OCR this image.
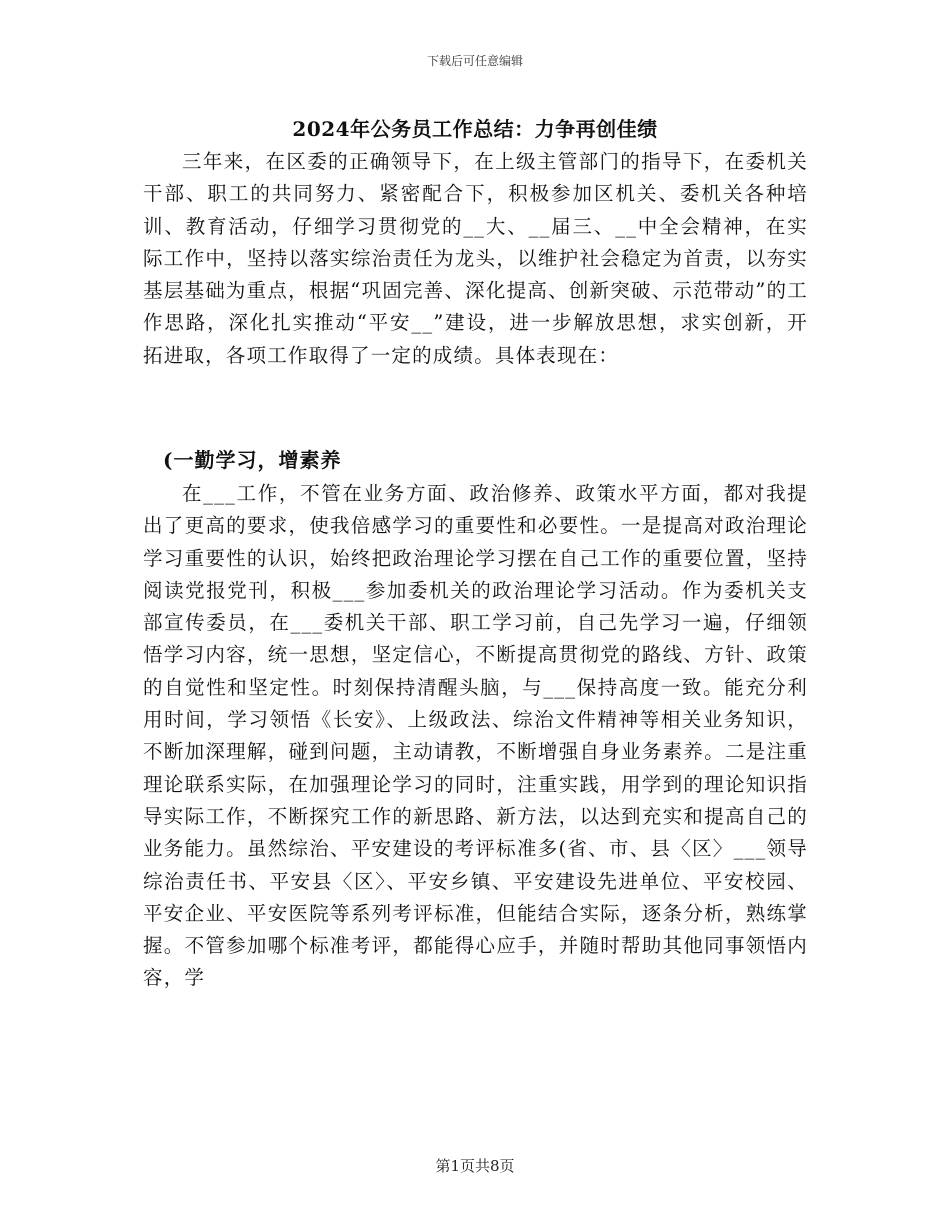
下载后可任意编辑
2024年公务员工作总结：力争再创佳绩

三年来，在区委的正确领导下，在上级主管部门的指导下，在委机关干部、职工的共同努力、紧密配合下，积极参加区机关、委机关各种培训、教育活动，仔细学习贯彻党的__大、__届三、__中全会精神，在实际工作中，坚持以落实综治责任为龙头，以维护社会稳定为首责，以夯实基层基础为重点，根据“巩固完善、深化提高、创新突破、示范带动”的工作思路，深化扎实推动“平安__”建设，进一步解放思想，求实创新，开拓进取，各项工作取得了一定的成绩。具体表现在：

(一勤学习，增素养

在___工作，不管在业务方面、政治修养、政策水平方面，都对我提出了更高的要求，使我倍感学习的重要性和必要性。一是提高对政治理论学习重要性的认识，始终把政治理论学习摆在自己工作的重要位置，坚持阅读党报党刊，积极___参加委机关的政治理论学习活动。作为委机关支部宣传委员，在___委机关干部、职工学习前，自己先学习一遍，仔细领悟学习内容，统一思想，坚定信心，不断提高贯彻党的路线、方针、政策的自觉性和坚定性。时刻保持清醒头脑，与___保持高度一致。能充分利用时间，学习领悟《长安》、上级政法、综治文件精神等相关业务知识，不断加深理解，碰到问题，主动请教，不断增强自身业务素养。二是注重理论联系实际，在加强理论学习的同时，注重实践，用学到的理论知识指导实际工作，不断探究工作的新思路、新方法，以达到充实和提高自己的业务能力。虽然综治、平安建设的考评标准多(省、市、县〈区〉___领导综治责任书、平安县〈区〉、平安乡镇、平安建设先进单位、平安校园、平安企业、平安医院等系列考评标准，但能结合实际，逐条分析，熟练掌握。不管参加哪个标准考评，都能得心应手，并随时帮助其他同事领悟内容，学

第1页共8页
